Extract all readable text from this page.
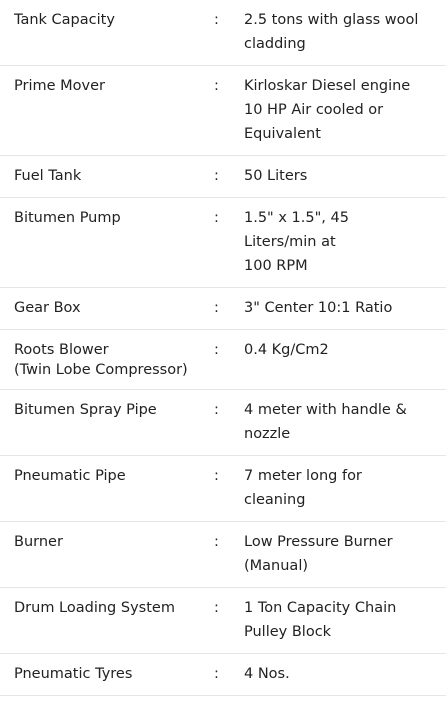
Tank Capacity	:	2.5 tons with glass wool
cladding

Prime Mover	:	Kirloskar Diesel engine
10 HP Air cooled or
Equivalent

Fuel Tank	:	50 Liters

Bitumen Pump	:	1.5" x 1.5", 45
Liters/min at
100 RPM

Gear Box	:	3" Center 10:1 Ratio

Roots Blower
(Twin Lobe Compressor)	:	0.4 Kg/Cm2

Bitumen Spray Pipe	:	4 meter with handle &
nozzle

Pneumatic Pipe	:	7 meter long for
cleaning

Burner	:	Low Pressure Burner
(Manual)

Drum Loading System	:	1 Ton Capacity Chain
Pulley Block

Pneumatic Tyres	:	4 Nos.
